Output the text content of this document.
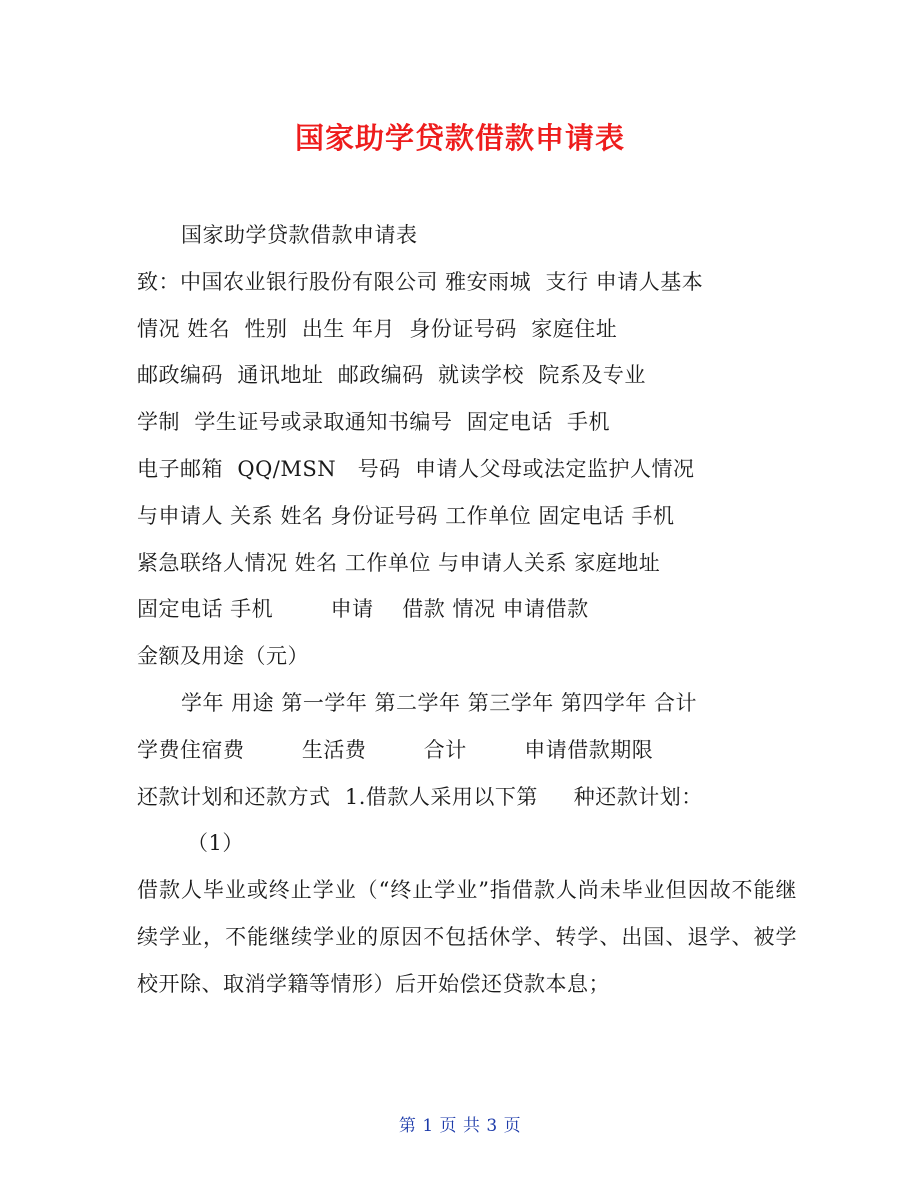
国家助学贷款借款申请表
国家助学贷款借款申请表
致：中国农业银行股份有限公司 雅安雨城  支行 申请人基本
情况 姓名  性别  出生 年月  身份证号码  家庭住址
邮政编码  通讯地址  邮政编码  就读学校  院系及专业
学制  学生证号或录取通知书编号  固定电话  手机
电子邮箱  QQ/MSN   号码  申请人父母或法定监护人情况
与申请人 关系 姓名 身份证号码 工作单位 固定电话 手机
紧急联络人情况 姓名 工作单位 与申请人关系 家庭地址
固定电话 手机        申请    借款 情况 申请借款
金额及用途（元）
学年 用途 第一学年 第二学年 第三学年 第四学年 合计
学费住宿费        生活费        合计        申请借款期限
还款计划和还款方式  1.借款人采用以下第     种还款计划：
（1）
借款人毕业或终止学业（“终止学业”指借款人尚未毕业但因故不能继续学业，不能继续学业的原因不包括休学、转学、出国、退学、被学校开除、取消学籍等情形）后开始偿还贷款本息；
第 1 页 共 3 页
